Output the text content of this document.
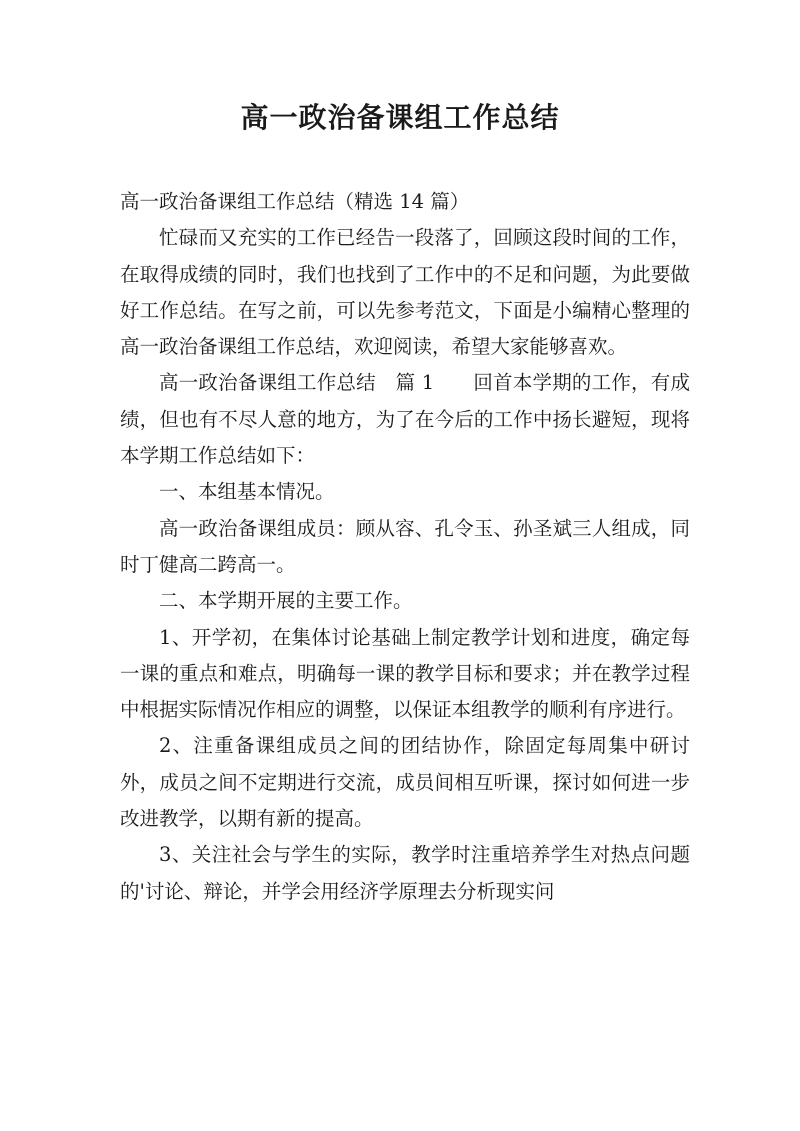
高一政治备课组工作总结

高一政治备课组工作总结（精选 14 篇）

忙碌而又充实的工作已经告一段落了，回顾这段时间的工作，在取得成绩的同时，我们也找到了工作中的不足和问题，为此要做好工作总结。在写之前，可以先参考范文，下面是小编精心整理的高一政治备课组工作总结，欢迎阅读，希望大家能够喜欢。

高一政治备课组工作总结　篇 1 回首本学期的工作，有成绩，但也有不尽人意的地方，为了在今后的工作中扬长避短，现将本学期工作总结如下：

一、本组基本情况。

高一政治备课组成员：顾从容、孔令玉、孙圣斌三人组成，同时丁健高二跨高一。

二、本学期开展的主要工作。

1、开学初，在集体讨论基础上制定教学计划和进度，确定每一课的重点和难点，明确每一课的教学目标和要求；并在教学过程中根据实际情况作相应的调整，以保证本组教学的顺利有序进行。

2、注重备课组成员之间的团结协作，除固定每周集中研讨外，成员之间不定期进行交流，成员间相互听课，探讨如何进一步改进教学，以期有新的提高。

3、关注社会与学生的实际，教学时注重培养学生对热点问题的'讨论、辩论，并学会用经济学原理去分析现实问
